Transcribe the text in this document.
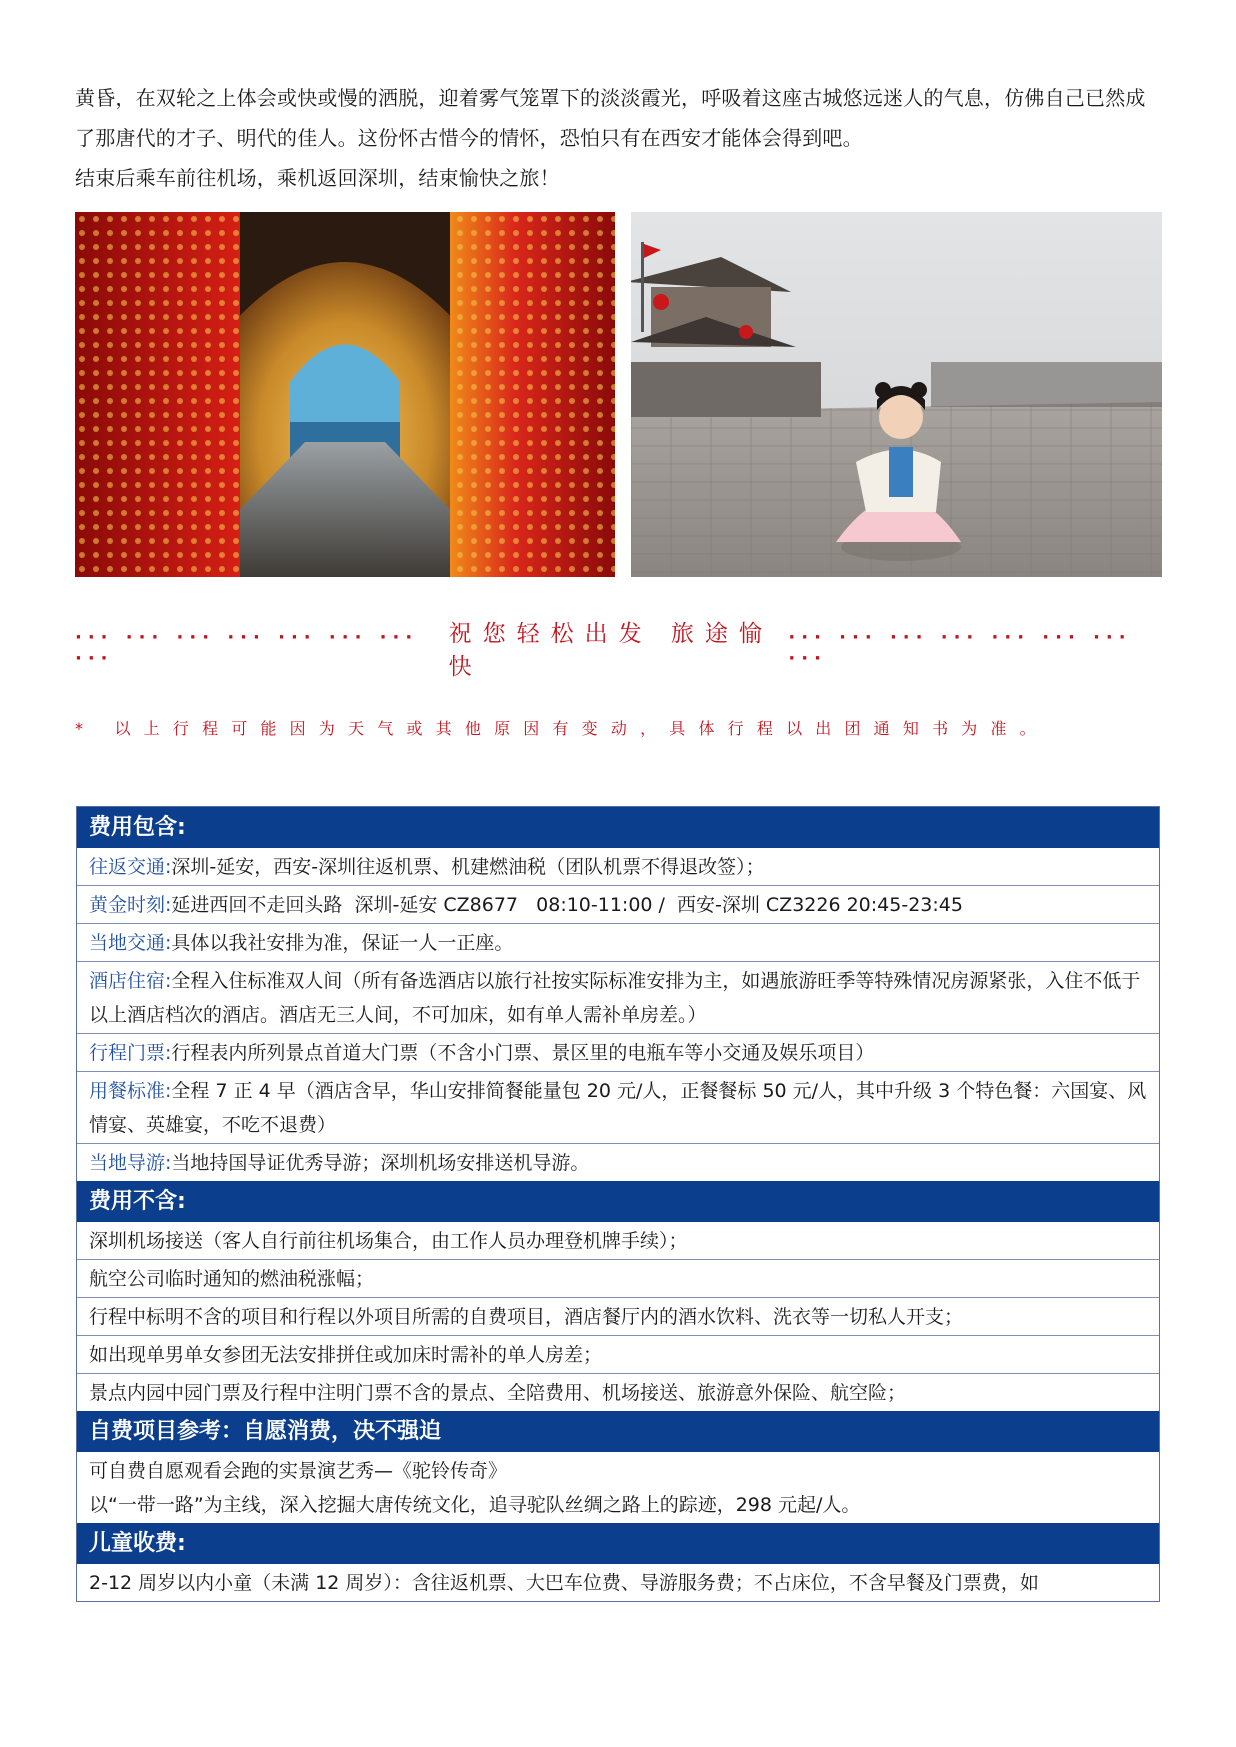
黄昏，在双轮之上体会或快或慢的洒脱，迎着雾气笼罩下的淡淡霞光，呼吸着这座古城悠远迷人的气息，仿佛自己已然成了那唐代的才子、明代的佳人。这份怀古惜今的情怀，恐怕只有在西安才能体会得到吧。

结束后乘车前往机场，乘机返回深圳，结束愉快之旅！

··· ··· ··· ··· ··· ··· ··· ···
祝您轻松出发 旅途愉快
··· ··· ··· ··· ··· ··· ··· ···
* 以上行程可能因为天气或其他原因有变动，具体行程以出团通知书为准。
费用包含:
往返交通:深圳-延安，西安-深圳往返机票、机建燃油税（团队机票不得退改签）；
黄金时刻:延进西回不走回头路  深圳-延安 CZ8677   08:10-11:00 /  西安-深圳 CZ3226 20:45-23:45
当地交通:具体以我社安排为准，保证一人一正座。
酒店住宿:全程入住标准双人间（所有备选酒店以旅行社按实际标准安排为主，如遇旅游旺季等特殊情况房源紧张，入住不低于以上酒店档次的酒店。酒店无三人间，不可加床，如有单人需补单房差。）
行程门票:行程表内所列景点首道大门票（不含小门票、景区里的电瓶车等小交通及娱乐项目）
用餐标准:全程 7 正 4 早（酒店含早，华山安排简餐能量包 20 元/人，正餐餐标 50 元/人，其中升级 3 个特色餐：六国宴、风情宴、英雄宴，不吃不退费）
当地导游:当地持国导证优秀导游；深圳机场安排送机导游。
费用不含:
深圳机场接送（客人自行前往机场集合，由工作人员办理登机牌手续）；
航空公司临时通知的燃油税涨幅；
行程中标明不含的项目和行程以外项目所需的自费项目，酒店餐厅内的酒水饮料、洗衣等一切私人开支；
如出现单男单女参团无法安排拼住或加床时需补的单人房差；
景点内园中园门票及行程中注明门票不含的景点、全陪费用、机场接送、旅游意外保险、航空险；
自费项目参考：自愿消费，决不强迫
可自费自愿观看会跑的实景演艺秀—《驼铃传奇》
以“一带一路”为主线，深入挖掘大唐传统文化，追寻驼队丝绸之路上的踪迹，298 元起/人。
儿童收费:
2-12 周岁以内小童（未满 12 周岁）：含往返机票、大巴车位费、导游服务费；不占床位，不含早餐及门票费，如
